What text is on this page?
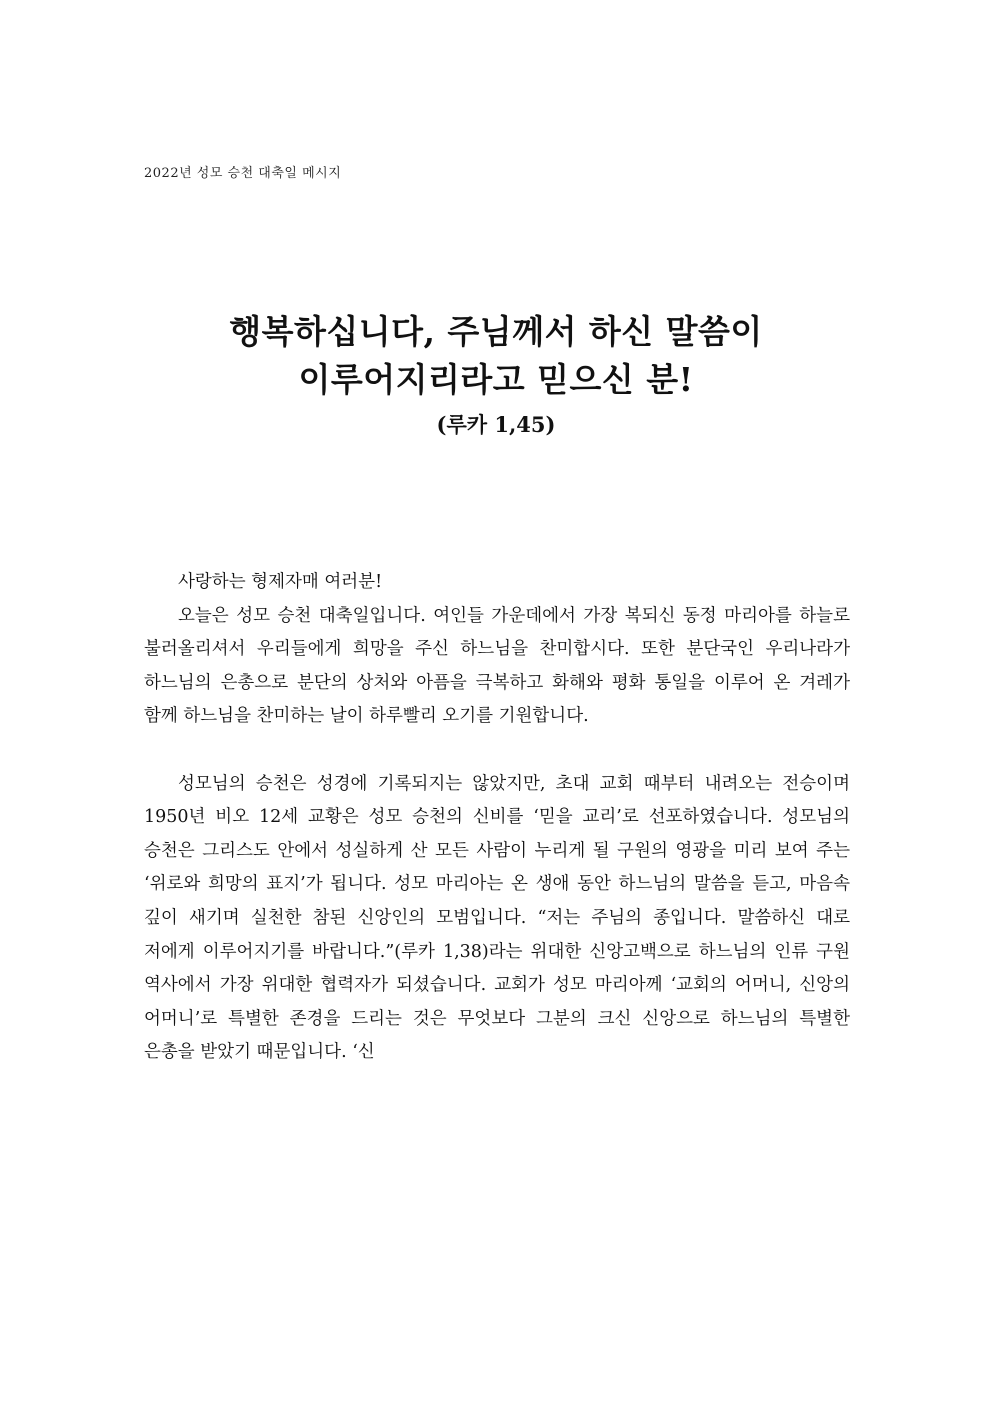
2022년 성모 승천 대축일 메시지
행복하십니다, 주님께서 하신 말씀이
이루어지리라고 믿으신 분!
(루카 1,45)

사랑하는 형제자매 여러분!

오늘은 성모 승천 대축일입니다. 여인들 가운데에서 가장 복되신 동정 마리아를 하늘로 불러올리셔서 우리들에게 희망을 주신 하느님을 찬미합시다. 또한 분단국인 우리나라가 하느님의 은총으로 분단의 상처와 아픔을 극복하고 화해와 평화 통일을 이루어 온 겨레가 함께 하느님을 찬미하는 날이 하루빨리 오기를 기원합니다.

성모님의 승천은 성경에 기록되지는 않았지만, 초대 교회 때부터 내려오는 전승이며 1950년 비오 12세 교황은 성모 승천의 신비를 ‘믿을 교리’로 선포하였습니다. 성모님의 승천은 그리스도 안에서 성실하게 산 모든 사람이 누리게 될 구원의 영광을 미리 보여 주는 ‘위로와 희망의 표지’가 됩니다. 성모 마리아는 온 생애 동안 하느님의 말씀을 듣고, 마음속 깊이 새기며 실천한 참된 신앙인의 모범입니다. “저는 주님의 종입니다. 말씀하신 대로 저에게 이루어지기를 바랍니다.”(루카 1,38)라는 위대한 신앙고백으로 하느님의 인류 구원 역사에서 가장 위대한 협력자가 되셨습니다. 교회가 성모 마리아께 ‘교회의 어머니, 신앙의 어머니’로 특별한 존경을 드리는 것은 무엇보다 그분의 크신 신앙으로 하느님의 특별한 은총을 받았기 때문입니다. ‘신
